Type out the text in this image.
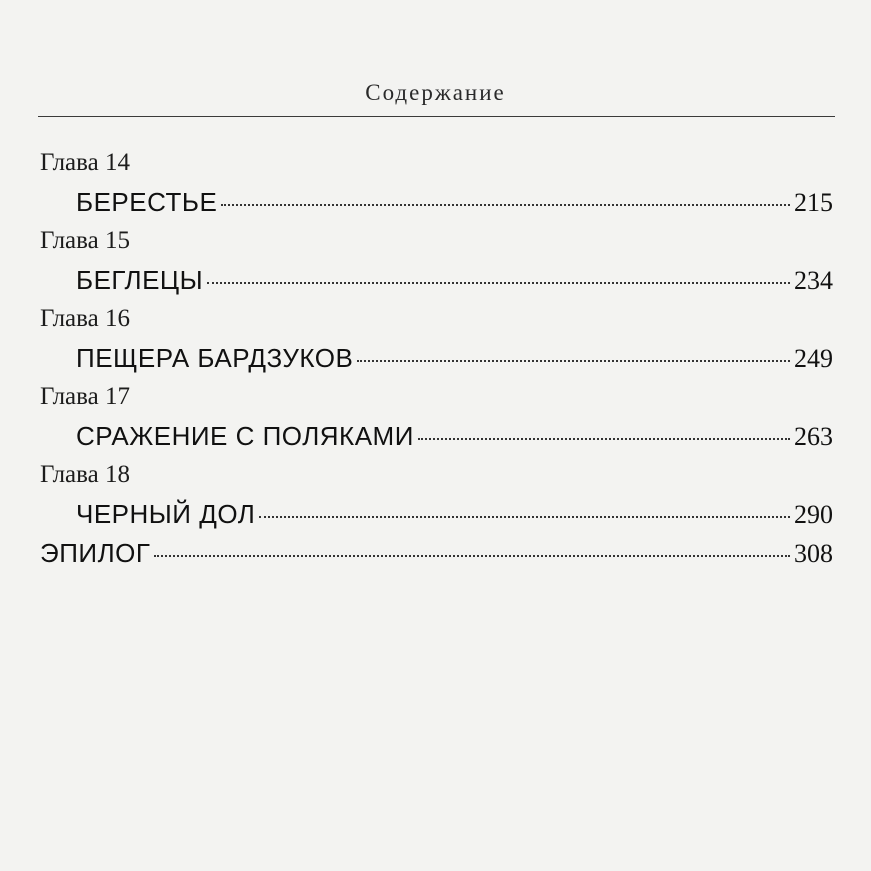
Содержание
Глава 14
БЕРЕСТЬЕ	215
Глава 15
БЕГЛЕЦЫ	234
Глава 16
ПЕЩЕРА БАРДЗУКОВ	249
Глава 17
СРАЖЕНИЕ С ПОЛЯКАМИ	263
Глава 18
ЧЕРНЫЙ ДОЛ	290
ЭПИЛОГ	308
